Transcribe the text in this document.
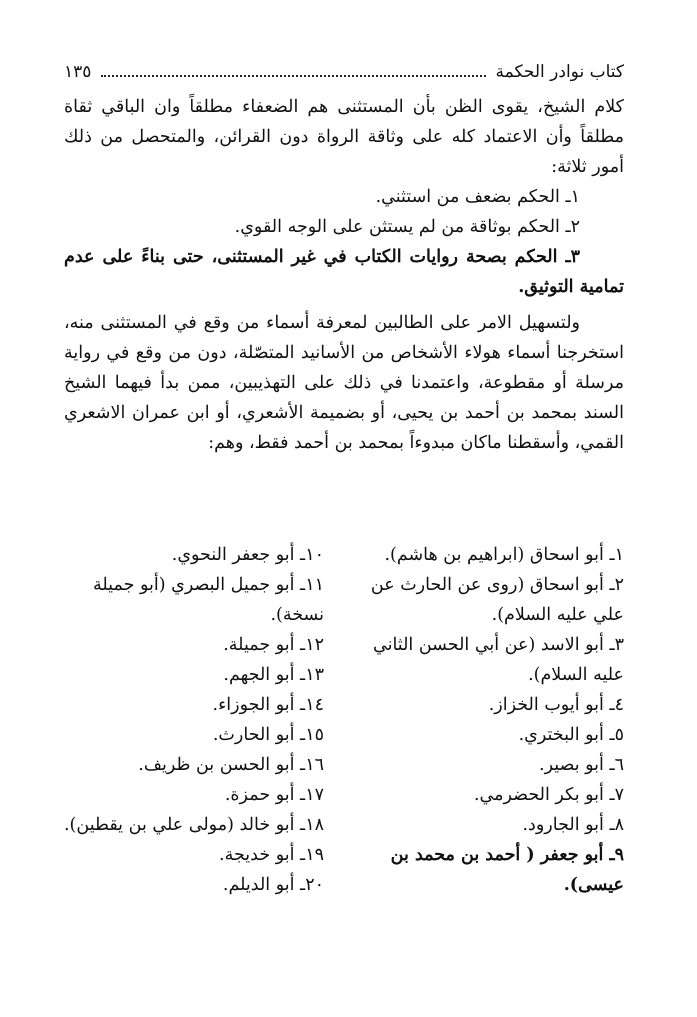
كتاب نوادر الحكمة
١٣٥

كلام الشيخ، يقوى الظن بأن المستثنى هم الضعفاء مطلقاً وان الباقي ثقاة مطلقاً وأن الاعتماد كله على وثاقة الرواة دون القرائن، والمتحصل من ذلك أمور ثلاثة:

١ـ الحكم بضعف من استثني.

٢ـ الحكم بوثاقة من لم يستثن على الوجه القوي.

٣ـ الحكم بصحة روايات الكتاب في غير المستثنى، حتى بناءً على عدم تمامية التوثيق.

ولتسهيل الامر على الطالبين لمعرفة أسماء من وقع في المستثنى منه، استخرجنا أسماء هولاء الأشخاص من الأسانيد المتصّلة، دون من وقع في رواية مرسلة أو مقطوعة، واعتمدنا في ذلك على التهذيبين، ممن بدأ فيهما الشيخ السند بمحمد بن أحمد بن يحيى، أو بضميمة الأشعري، أو ابن عمران الاشعري القمي، وأسقطنا ماكان مبدوءاً بمحمد بن أحمد فقط، وهم:

١ـ أبو اسحاق (ابراهيم بن هاشم).

٢ـ أبو اسحاق (روى عن الحارث عن علي عليه السلام).

٣ـ أبو الاسد (عن أبي الحسن الثاني عليه السلام).

٤ـ أبو أيوب الخزاز.

٥ـ أبو البختري.

٦ـ أبو بصير.

٧ـ أبو بكر الحضرمي.

٨ـ أبو الجارود.

٩ـ أبو جعفر ( أحمد بن محمد بن عيسى).

١٠ـ أبو جعفر النحوي.

١١ـ أبو جميل البصري (أبو جميلة نسخة).

١٢ـ أبو جميلة.

١٣ـ أبو الجهم.

١٤ـ أبو الجوزاء.

١٥ـ أبو الحارث.

١٦ـ أبو الحسن بن ظريف.

١٧ـ أبو حمزة.

١٨ـ أبو خالد (مولى علي بن يقطين).

١٩ـ أبو خديجة.

٢٠ـ أبو الديلم.
